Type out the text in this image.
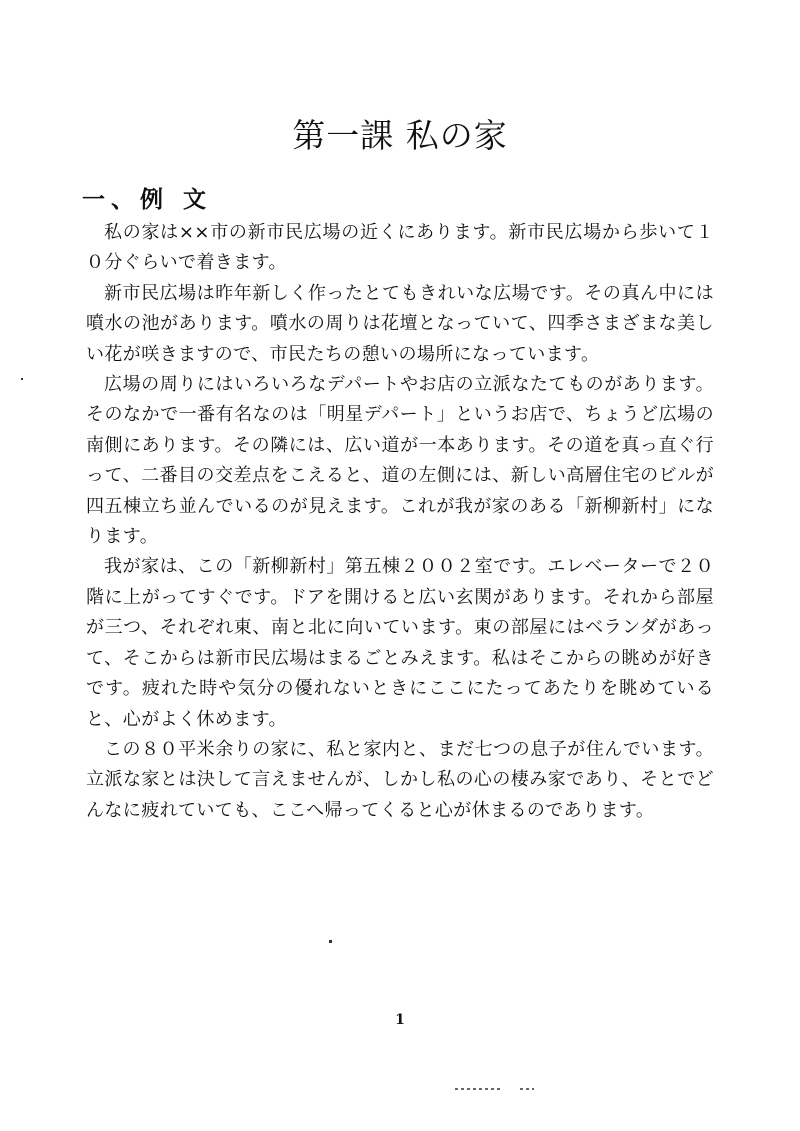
第一課 私の家
一、例 文

私の家は××市の新市民広場の近くにあります。新市民広場から歩いて１０分ぐらいで着きます。

新市民広場は昨年新しく作ったとてもきれいな広場です。その真ん中には噴水の池があります。噴水の周りは花壇となっていて、四季さまざまな美しい花が咲きますので、市民たちの憩いの場所になっています。

広場の周りにはいろいろなデパートやお店の立派なたてものがあります。そのなかで一番有名なのは「明星デパート」というお店で、ちょうど広場の南側にあります。その隣には、広い道が一本あります。その道を真っ直ぐ行って、二番目の交差点をこえると、道の左側には、新しい高層住宅のビルが四五棟立ち並んでいるのが見えます。これが我が家のある「新柳新村」になります。

我が家は、この「新柳新村」第五棟２００２室です。エレベーターで２０階に上がってすぐです。ドアを開けると広い玄関があります。それから部屋が三つ、それぞれ東、南と北に向いています。東の部屋にはベランダがあって、そこからは新市民広場はまるごとみえます。私はそこからの眺めが好きです。疲れた時や気分の優れないときにここにたってあたりを眺めていると、心がよく休めます。

この８０平米余りの家に、私と家内と、まだ七つの息子が住んでいます。立派な家とは決して言えませんが、しかし私の心の棲み家であり、そとでどんなに疲れていても、ここへ帰ってくると心が休まるのであります。

1
